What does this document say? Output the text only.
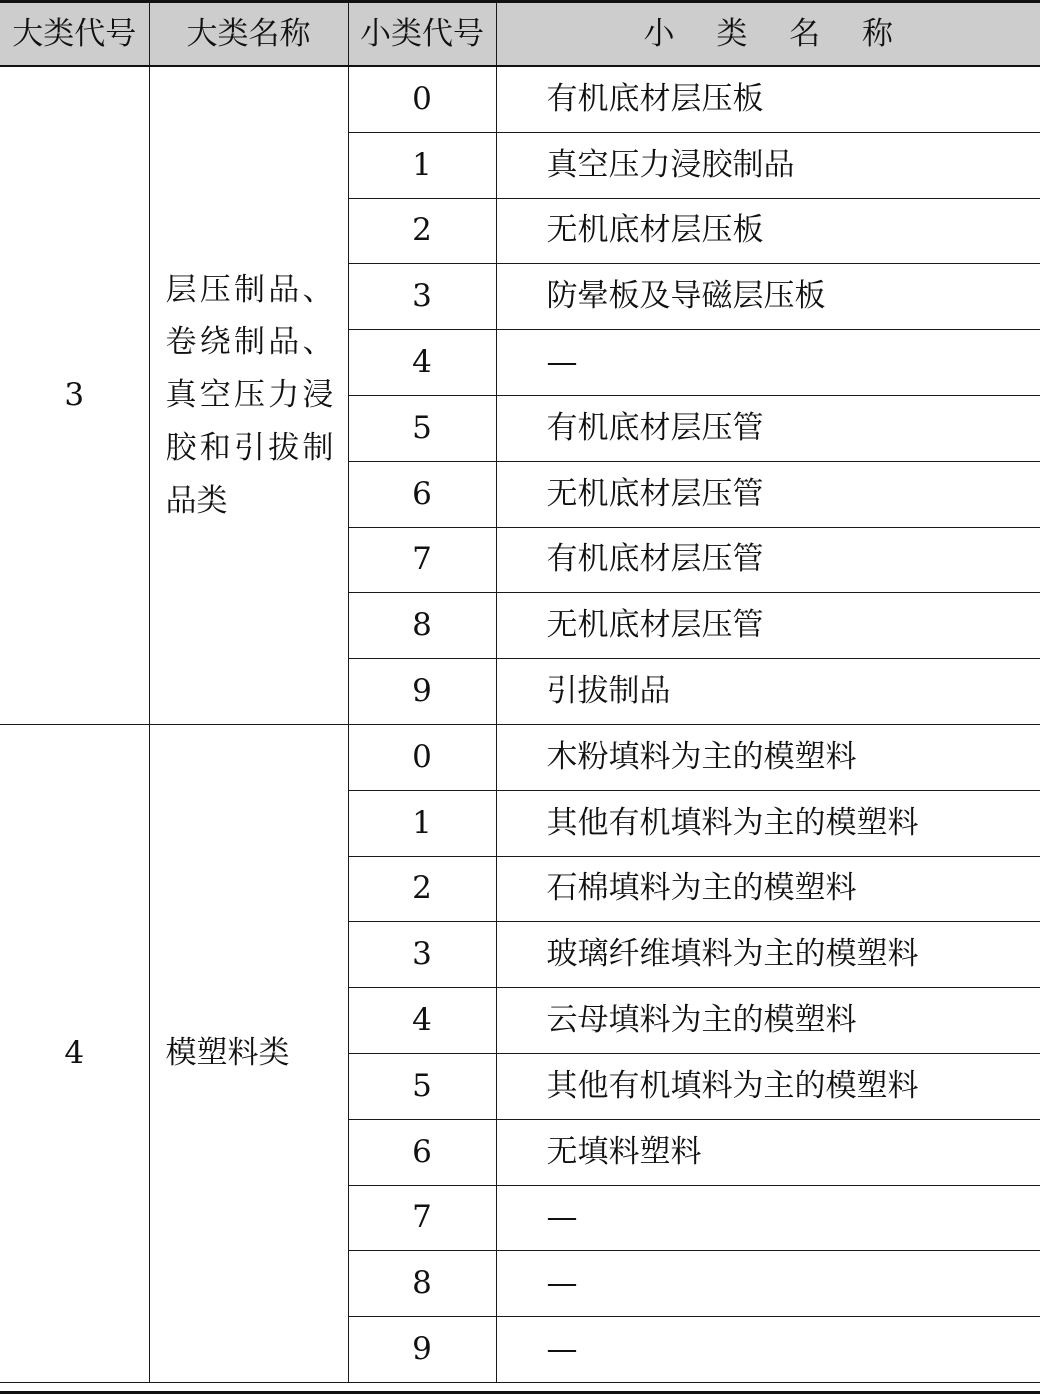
大类代号	大类名称	小类代号	小 类 名 称
3	层压制品、卷绕制品、真空压力浸胶和引拔制品类	0	有机底材层压板
		1	真空压力浸胶制品
		2	无机底材层压板
		3	防晕板及导磁层压板
		4	—
		5	有机底材层压管
		6	无机底材层压管
		7	有机底材层压管
		8	无机底材层压管
		9	引拔制品
4	模塑料类	0	木粉填料为主的模塑料
		1	其他有机填料为主的模塑料
		2	石棉填料为主的模塑料
		3	玻璃纤维填料为主的模塑料
		4	云母填料为主的模塑料
		5	其他有机填料为主的模塑料
		6	无填料塑料
		7	—
		8	—
		9	—
